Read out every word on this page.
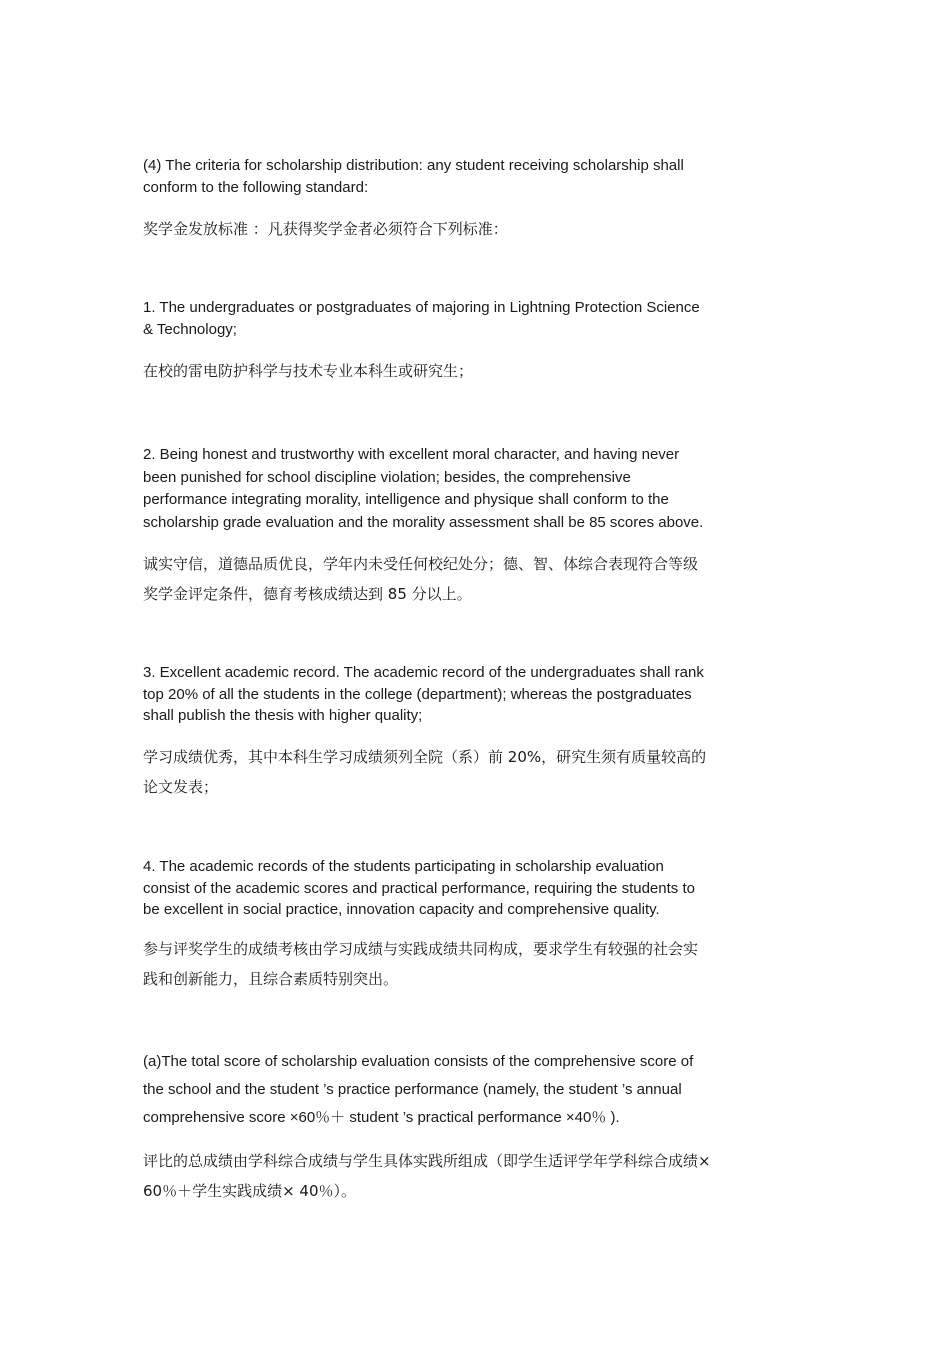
(4) The criteria for scholarship distribution: any student receiving scholarship shall
conform to the following standard:

奖学金发放标准 ：凡获得奖学金者必须符合下列标准：

1. The undergraduates or postgraduates of majoring in Lightning Protection Science
& Technology;

在校的雷电防护科学与技术专业本科生或研究生；

2. Being honest and trustworthy with excellent moral character, and having never
been punished for school discipline violation; besides, the comprehensive
performance integrating morality, intelligence and physique shall conform to the
scholarship grade evaluation and the morality assessment shall be 85 scores above.

诚实守信，道德品质优良，学年内未受任何校纪处分；德、智、体综合表现符合等级
奖学金评定条件，德育考核成绩达到 85 分以上。

3. Excellent academic record. The academic record of the undergraduates shall rank
top 20% of all the students in the college (department); whereas the postgraduates
shall publish the thesis with higher quality;

学习成绩优秀，其中本科生学习成绩须列全院（系）前 20%，研究生须有质量较高的
论文发表；

4. The academic records of the students participating in scholarship evaluation
consist of the academic scores and practical performance, requiring the students to
be excellent in social practice, innovation capacity and comprehensive quality.

参与评奖学生的成绩考核由学习成绩与实践成绩共同构成，要求学生有较强的社会实
践和创新能力，且综合素质特别突出。

(a)The total score of scholarship evaluation consists of the comprehensive score of
the school and the student ’s practice performance (namely, the student ’s annual
comprehensive score ×60％＋ student ’s practical performance ×40％ ).

评比的总成绩由学科综合成绩与学生具体实践所组成（即学生适评学年学科综合成绩×
60％＋学生实践成绩× 40％）。
